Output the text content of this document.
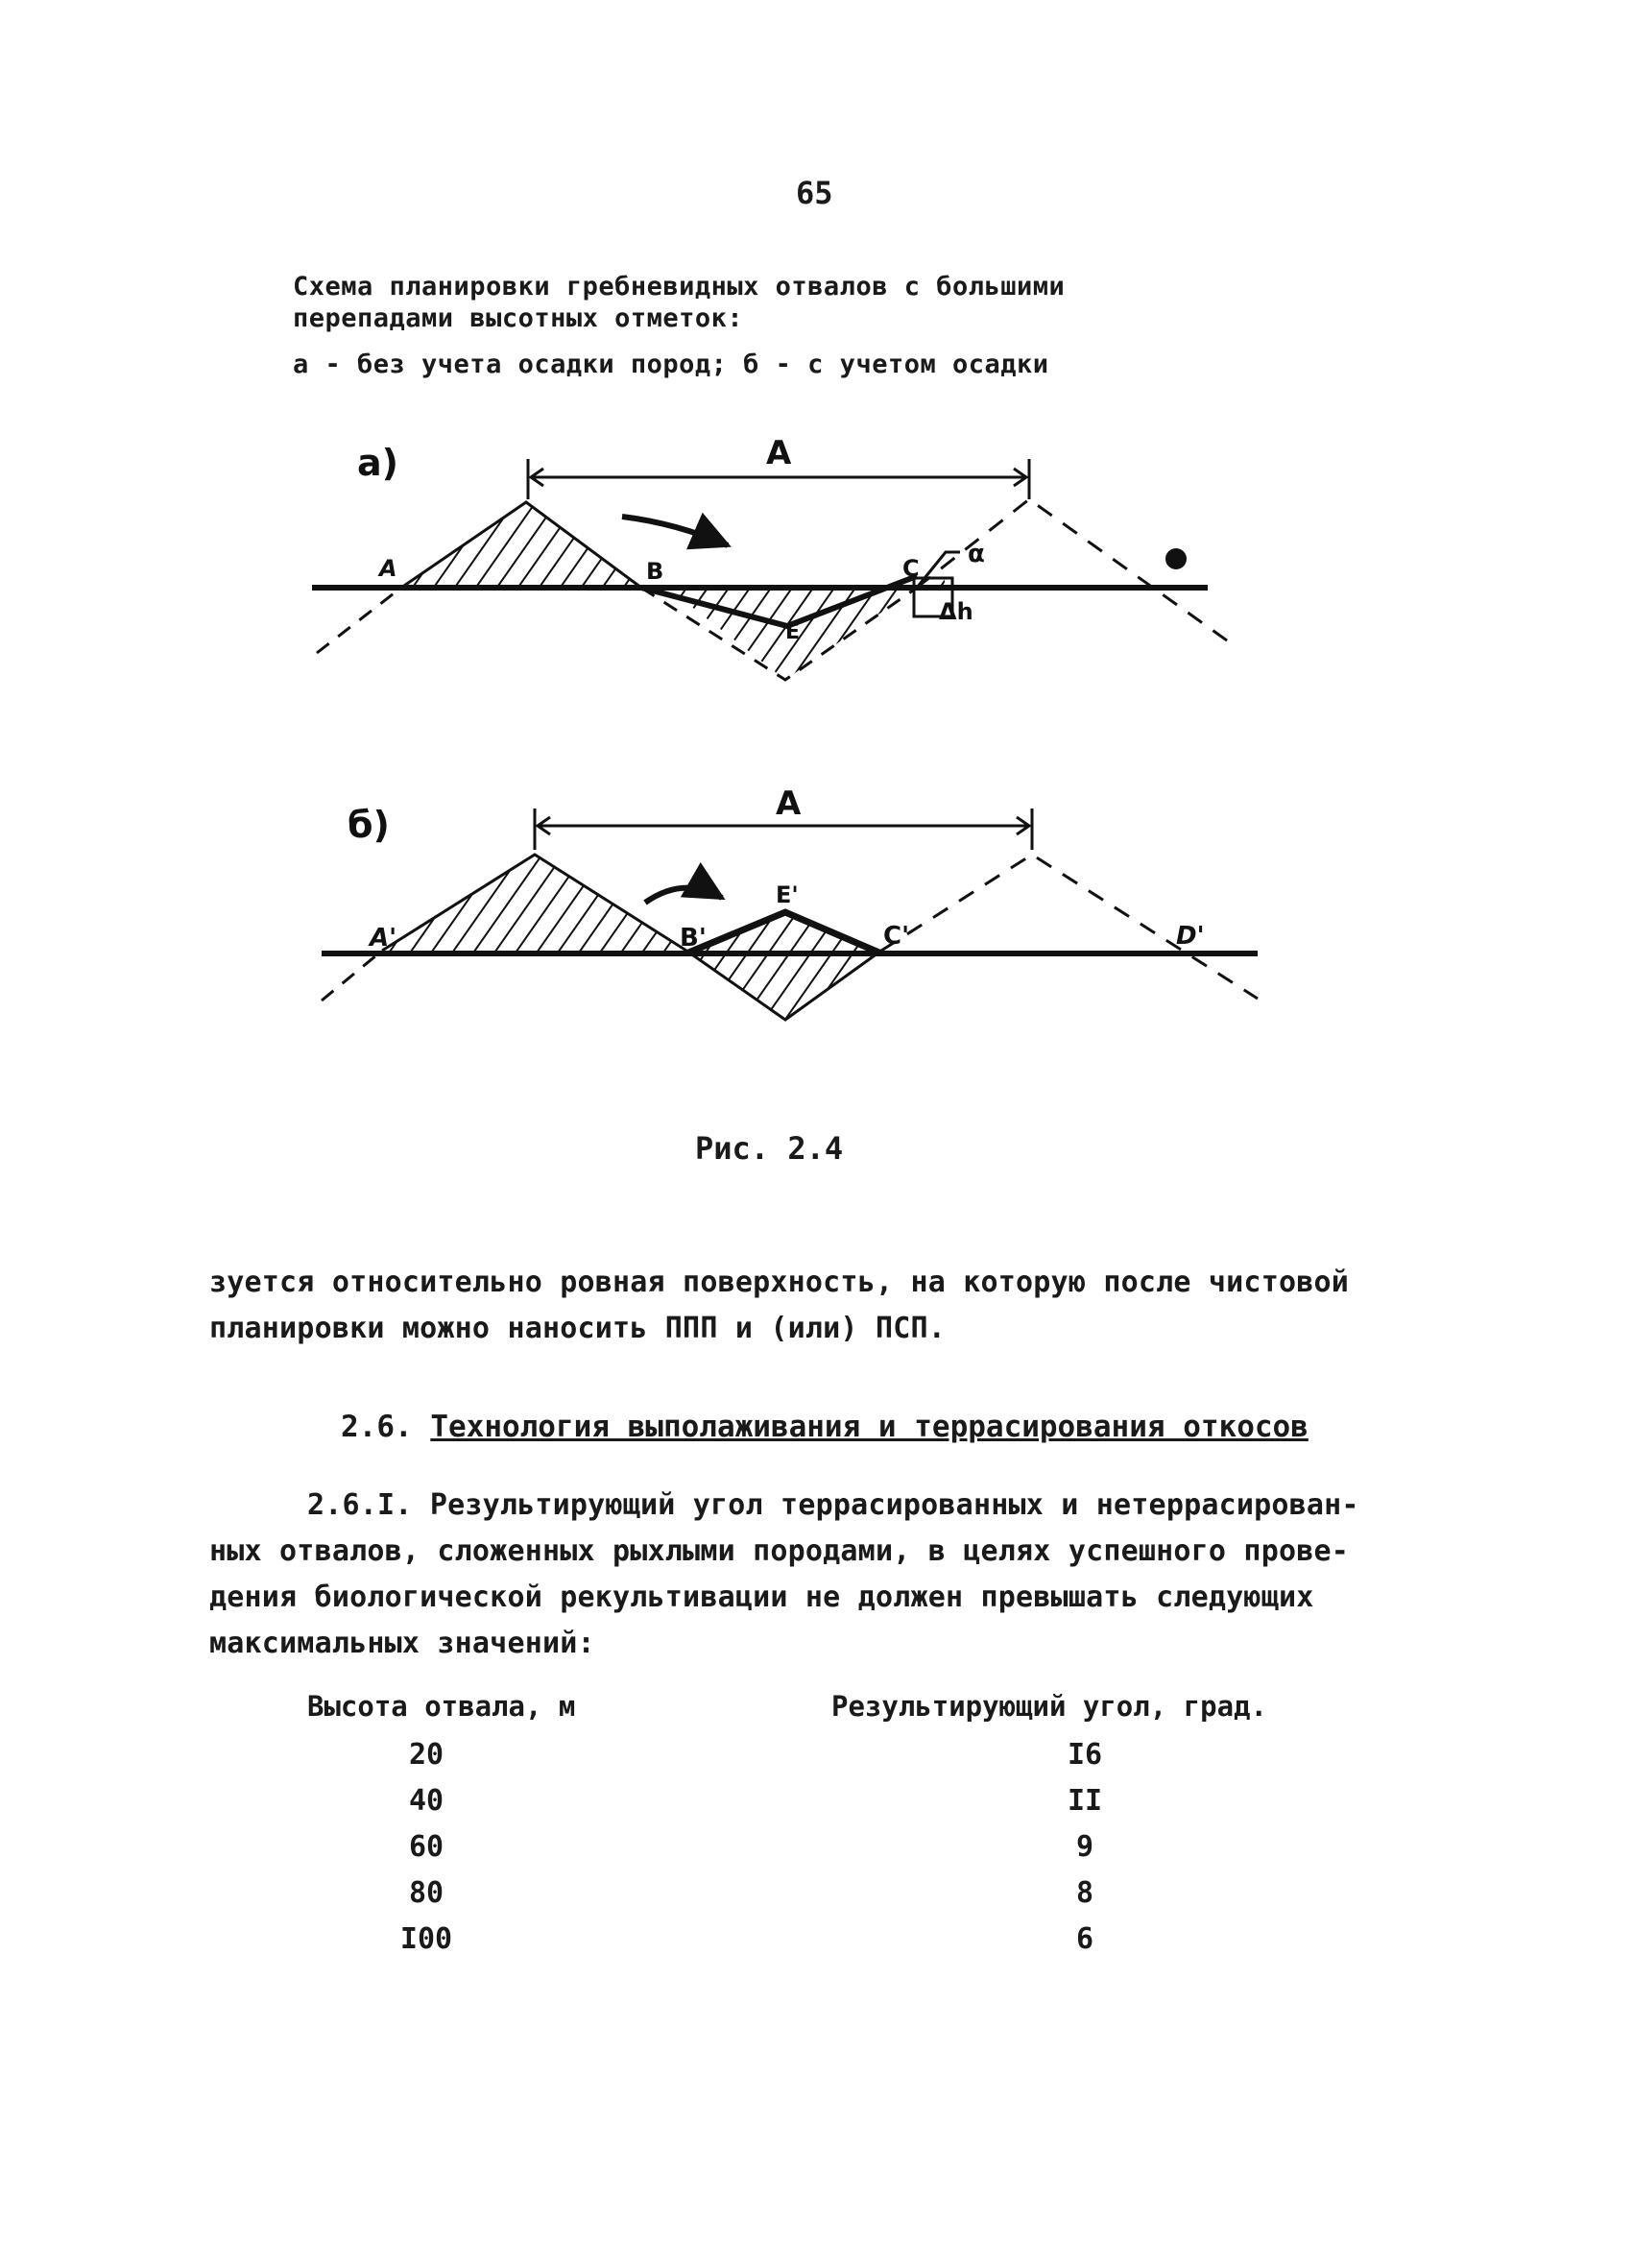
65
Схема планировки гребневидных отвалов с большими
перепадами высотных отметок:
а - без учета осадки пород; б - с учетом осадки
а)	A
A	B	C
E
α
Δh
б)	A
A'	B'
E'
C'	D'
Рис. 2.4
зуется относительно ровная поверхность, на которую после чистовой
планировки можно наносить ППП и (или) ПСП.
2.6. Технология выполаживания и террасирования откосов
2.6.I. Результирующий угол террасированных и нетеррасирован-
ных отвалов, сложенных рыхлыми породами, в целях успешного прове-
дения биологической рекультивации не должен превышать следующих
максимальных значений:
Высота отвала, м	Результирующий угол, град.
20	I6
40	II
60	9
80	8
I00	6
